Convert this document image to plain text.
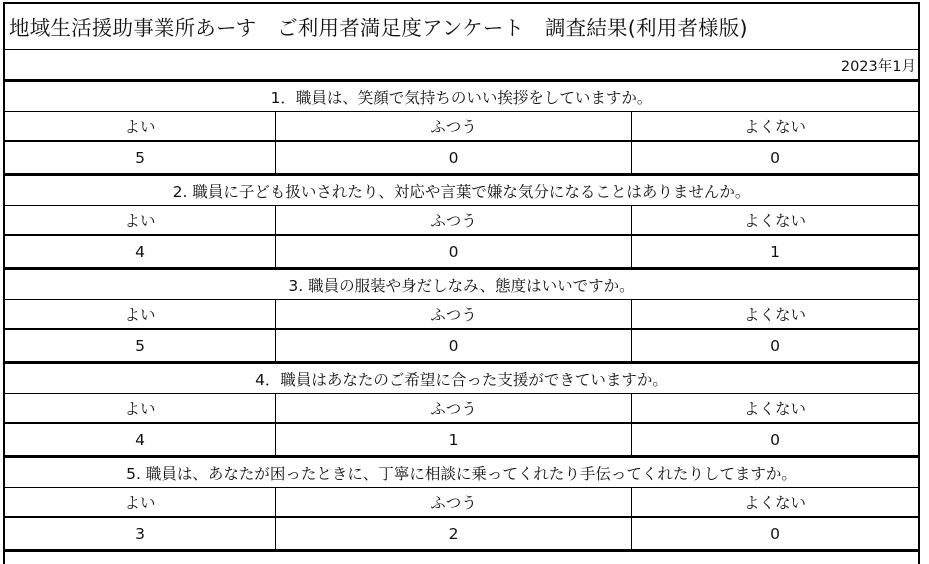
地域生活援助事業所あーす　ご利用者満足度アンケート　調査結果(利用者様版)
2023年1月
1．職員は、笑顔で気持ちのいい挨拶をしていますか。
よい	ふつう	よくない
5	0	0
2. 職員に子ども扱いされたり、対応や言葉で嫌な気分になることはありませんか。
よい	ふつう	よくない
4	0	1
3. 職員の服装や身だしなみ、態度はいいですか。
よい	ふつう	よくない
5	0	0
4．職員はあなたのご希望に合った支援ができていますか。
よい	ふつう	よくない
4	1	0
5. 職員は、あなたが困ったときに、丁寧に相談に乗ってくれたり手伝ってくれたりしてますか。
よい	ふつう	よくない
3	2	0
